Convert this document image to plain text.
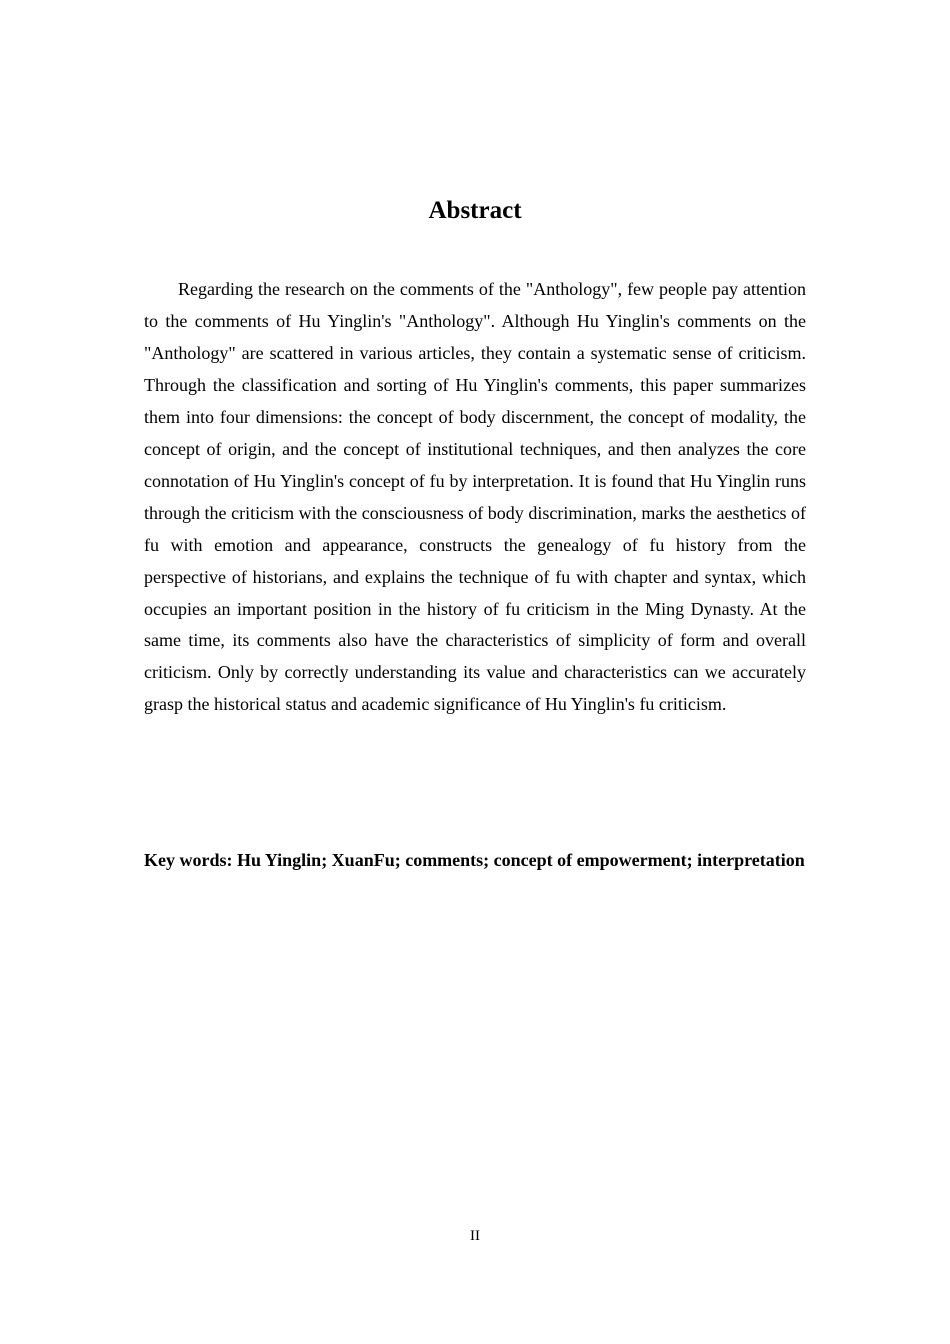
Abstract

Regarding the research on the comments of the "Anthology", few people pay attention to the comments of Hu Yinglin's "Anthology". Although Hu Yinglin's comments on the "Anthology" are scattered in various articles, they contain a systematic sense of criticism. Through the classification and sorting of Hu Yinglin's comments, this paper summarizes them into four dimensions: the concept of body discernment, the concept of modality, the concept of origin, and the concept of institutional techniques, and then analyzes the core connotation of Hu Yinglin's concept of fu by interpretation. It is found that Hu Yinglin runs through the criticism with the consciousness of body discrimination, marks the aesthetics of fu with emotion and appearance, constructs the genealogy of fu history from the perspective of historians, and explains the technique of fu with chapter and syntax, which occupies an important position in the history of fu criticism in the Ming Dynasty. At the same time, its comments also have the characteristics of simplicity of form and overall criticism. Only by correctly understanding its value and characteristics can we accurately grasp the historical status and academic significance of Hu Yinglin's fu criticism.

Key words: Hu Yinglin; XuanFu; comments; concept of empowerment; interpretation

II
